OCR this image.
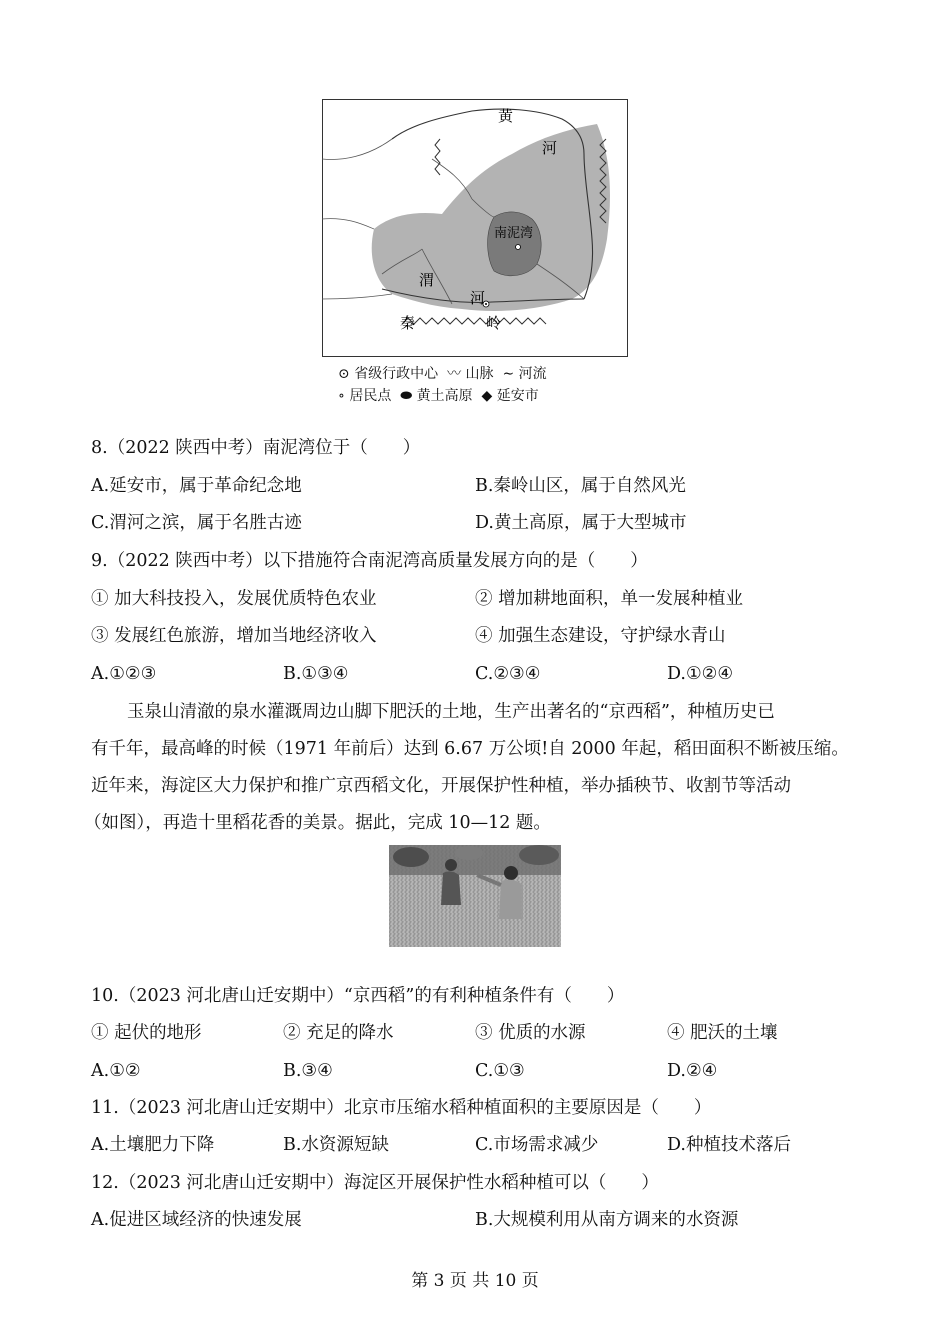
黄
河
南泥湾
渭
河
秦	岭
⊙ 省级行政中心  〰 山脉  ∼ 河流
∘ 居民点  ⬬ 黄土高原  ◆ 延安市
8.（2022 陕西中考）南泥湾位于（　　）
A.延安市，属于革命纪念地	B.秦岭山区，属于自然风光
C.渭河之滨，属于名胜古迹	D.黄土高原，属于大型城市
9.（2022 陕西中考）以下措施符合南泥湾高质量发展方向的是（　　）
① 加大科技投入，发展优质特色农业	② 增加耕地面积，单一发展种植业
③ 发展红色旅游，增加当地经济收入	④ 加强生态建设，守护绿水青山
A.①②③	B.①③④	C.②③④	D.①②④
玉泉山清澈的泉水灌溉周边山脚下肥沃的土地，生产出著名的“京西稻”，种植历史已
有千年，最高峰的时候（1971 年前后）达到 6.67 万公顷!自 2000 年起，稻田面积不断被压缩。
近年来，海淀区大力保护和推广京西稻文化，开展保护性种植，举办插秧节、收割节等活动
（如图），再造十里稻花香的美景。据此，完成 10—12 题。
10.（2023 河北唐山迁安期中）“京西稻”的有利种植条件有（　　）
① 起伏的地形	② 充足的降水	③ 优质的水源	④ 肥沃的土壤
A.①②	B.③④	C.①③	D.②④
11.（2023 河北唐山迁安期中）北京市压缩水稻种植面积的主要原因是（　　）
A.土壤肥力下降	B.水资源短缺	C.市场需求减少	D.种植技术落后
12.（2023 河北唐山迁安期中）海淀区开展保护性水稻种植可以（　　）
A.促进区域经济的快速发展	B.大规模利用从南方调来的水资源
第 3 页 共 10 页
